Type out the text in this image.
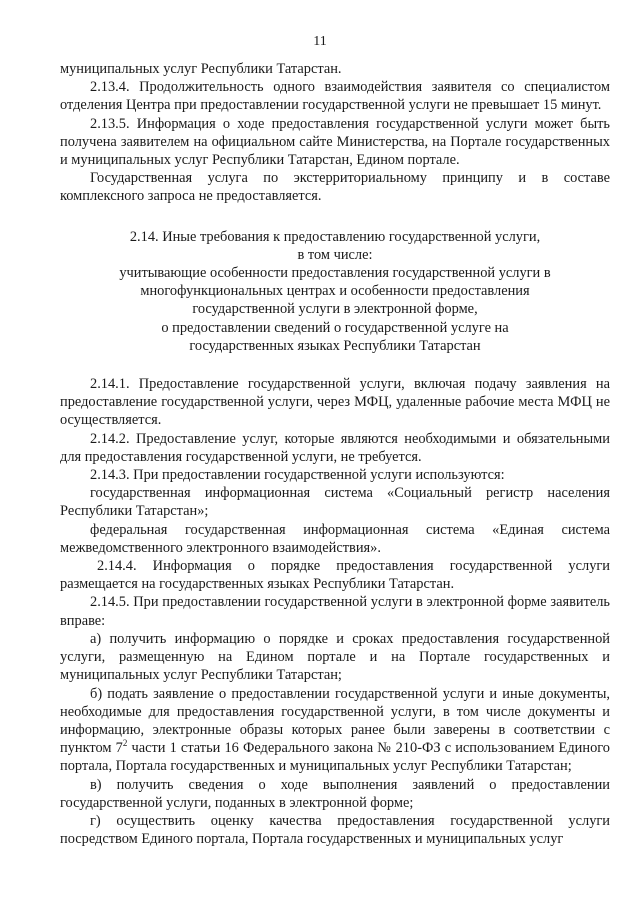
11

муниципальных услуг Республики Татарстан.

2.13.4. Продолжительность одного взаимодействия заявителя со специалистом отделения Центра при предоставлении государственной услуги не превышает 15 минут.

2.13.5. Информация о ходе предоставления государственной услуги может быть получена заявителем на официальном сайте Министерства, на Портале государственных и муниципальных услуг Республики Татарстан, Едином портале.

Государственная услуга по экстерриториальному принципу и в составе комплексного запроса не предоставляется.

2.14. Иные требования к предоставлению государственной услуги,
в том числе:
учитывающие особенности предоставления государственной услуги в
многофункциональных центрах и особенности предоставления
государственной услуги в электронной форме,
о предоставлении сведений о государственной услуге на
государственных языках Республики Татарстан

2.14.1. Предоставление государственной услуги, включая подачу заявления на предоставление государственной услуги, через МФЦ, удаленные рабочие места МФЦ не осуществляется.

2.14.2. Предоставление услуг, которые являются необходимыми и обязательными для предоставления государственной услуги, не требуется.

2.14.3. При предоставлении государственной услуги используются:

государственная информационная система «Социальный регистр населения Республики Татарстан»;

федеральная государственная информационная система «Единая система межведомственного электронного взаимодействия».

2.14.4. Информация о порядке предоставления государственной услуги размещается на государственных языках Республики Татарстан.

2.14.5. При предоставлении государственной услуги в электронной форме заявитель вправе:

а) получить информацию о порядке и сроках предоставления государственной услуги, размещенную на Едином портале и на Портале государственных и муниципальных услуг Республики Татарстан;

б) подать заявление о предоставлении государственной услуги и иные документы, необходимые для предоставления государственной услуги, в том числе документы и информацию, электронные образы которых ранее были заверены в соответствии с пунктом $7^2$ части 1 статьи 16 Федерального закона № 210-ФЗ с использованием Единого портала, Портала государственных и муниципальных услуг Республики Татарстан;

в) получить сведения о ходе выполнения заявлений о предоставлении государственной услуги, поданных в электронной форме;

г) осуществить оценку качества предоставления государственной услуги посредством Единого портала, Портала государственных и муниципальных услуг
